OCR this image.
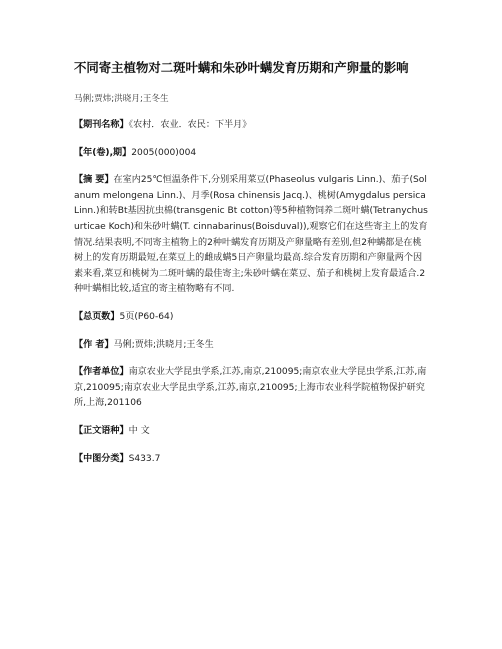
不同寄主植物对二斑叶螨和朱砂叶螨发育历期和产卵量的影响
马俐;贾炜;洪晓月;王冬生
【期刊名称】《农村．农业．农民：下半月》
【年(卷),期】2005(000)004
【摘 要】在室内25℃恒温条件下,分别采用菜豆(Phaseolus vulgaris Linn.)、茄子(Solanum melongena Linn.)、月季(Rosa chinensis Jacq.)、桃树(Amygdalus persica Linn.)和转Bt基因抗虫棉(transgenic Bt cotton)等5种植物饲养二斑叶螨(Tetranychus urticae Koch)和朱砂叶螨(T. cinnabarinus(Boisduval)),观察它们在这些寄主上的发育情况.结果表明,不同寄主植物上的2种叶螨发育历期及产卵量略有差别,但2种螨都是在桃树上的发育历期最短,在菜豆上的雌成螨5日产卵量均最高.综合发育历期和产卵量两个因素来看,菜豆和桃树为二斑叶螨的最佳寄主;朱砂叶螨在菜豆、茄子和桃树上发育最适合.2种叶螨相比较,适宜的寄主植物略有不同.
【总页数】5页(P60-64)
【作 者】马俐;贾炜;洪晓月;王冬生
【作者单位】南京农业大学昆虫学系,江苏,南京,210095;南京农业大学昆虫学系,江苏,南京,210095;南京农业大学昆虫学系,江苏,南京,210095;上海市农业科学院植物保护研究所,上海,201106
【正文语种】中 文
【中图分类】S433.7
